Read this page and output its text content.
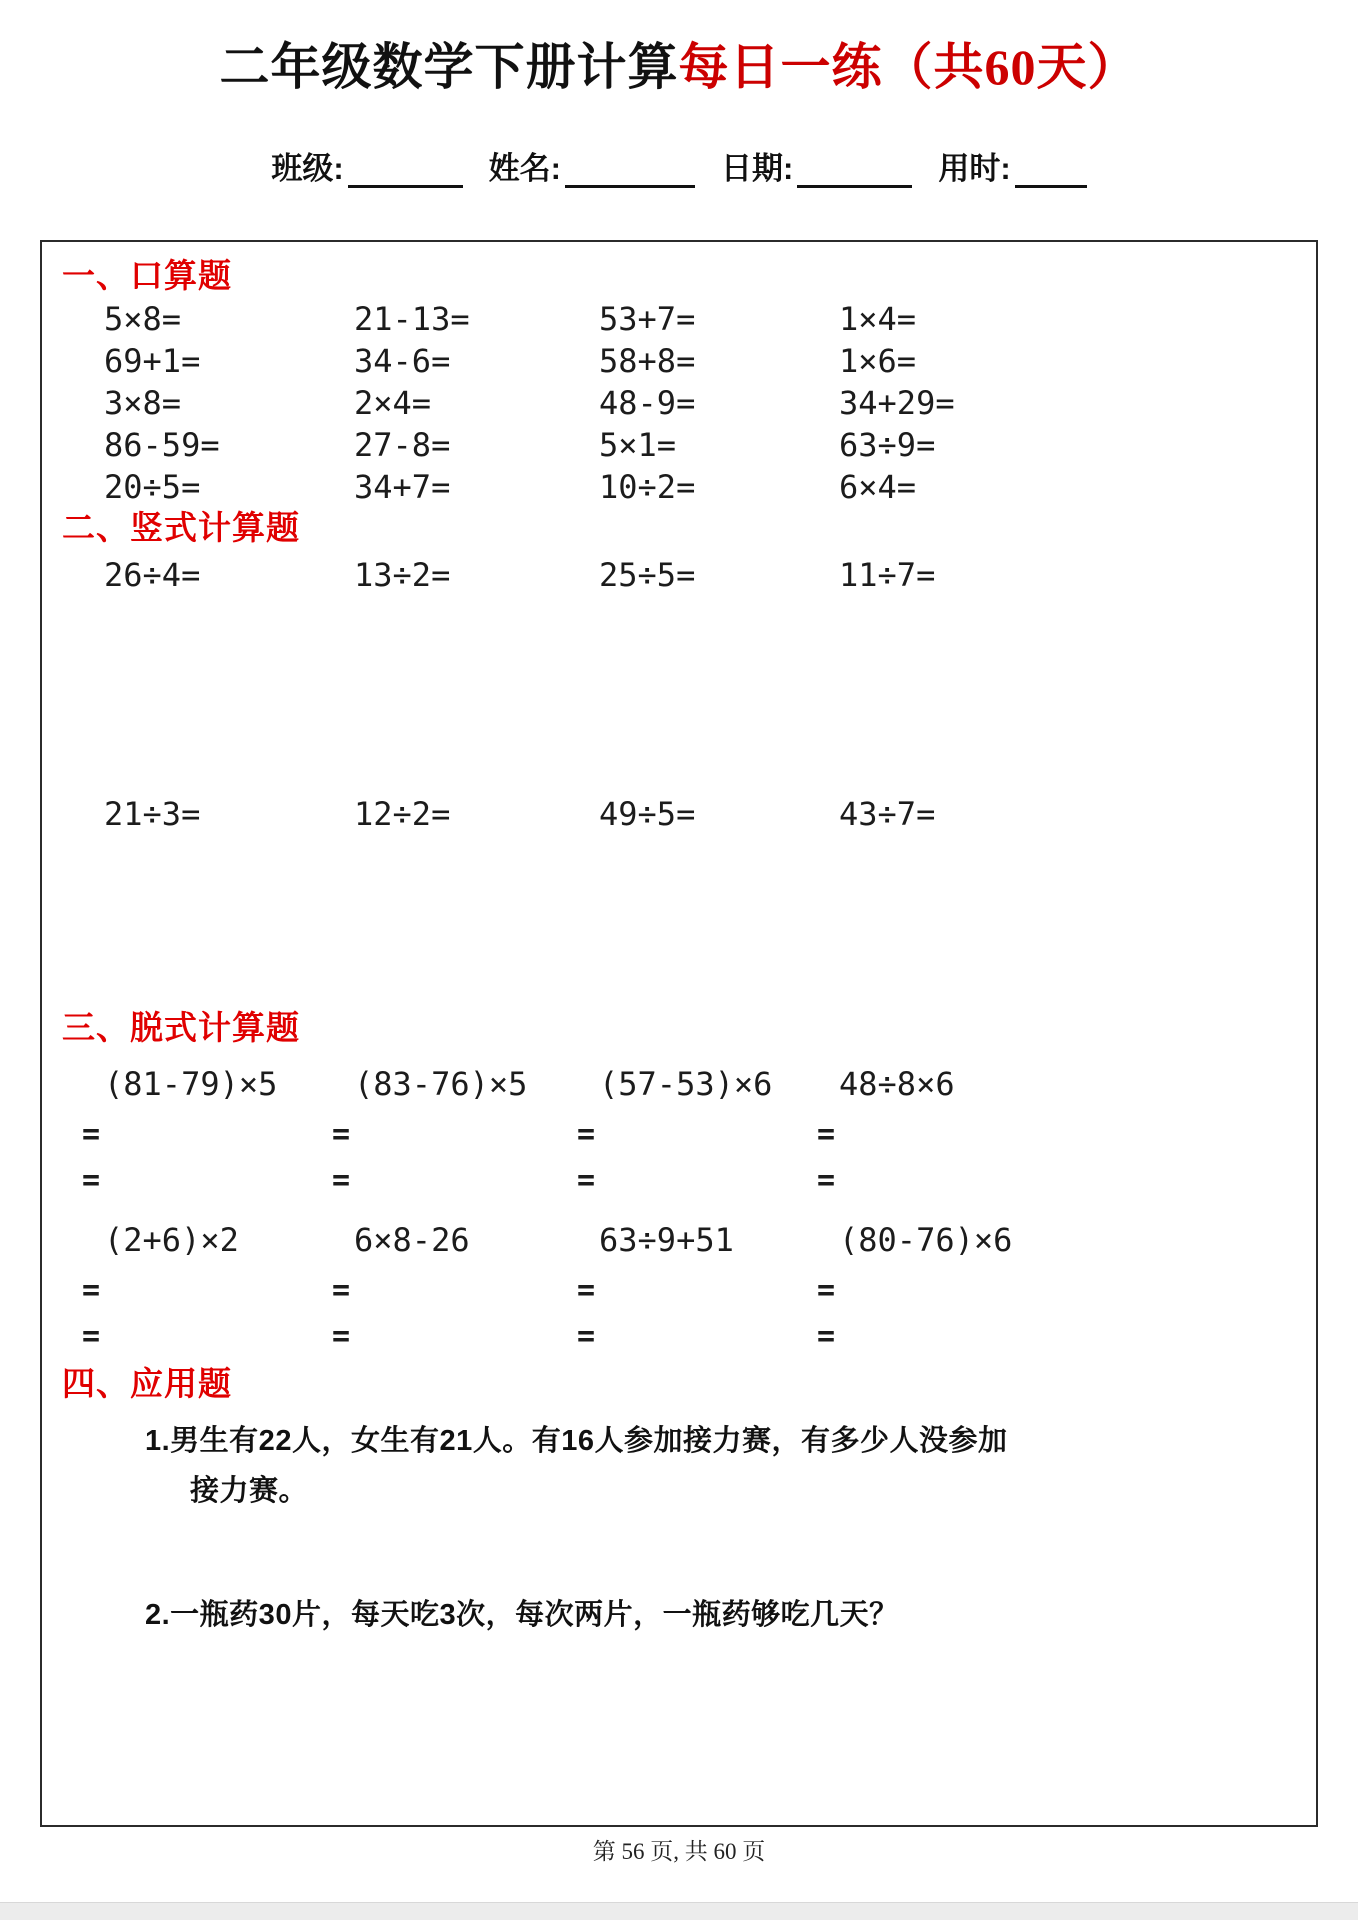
二年级数学下册计算每日一练（共60天）
班级:	姓名:	日期:	用时:
一、口算题
5×8=	21-13=	53+7=	1×4=
69+1=	34-6=	58+8=	1×6=
3×8=	2×4=	48-9=	34+29=
86-59=	27-8=	5×1=	63÷9=
20÷5=	34+7=	10÷2=	6×4=
二、竖式计算题
26÷4=	13÷2=	25÷5=	11÷7=
21÷3=	12÷2=	49÷5=	43÷7=
三、脱式计算题
(81-79)×5	(83-76)×5	(57-53)×6	48÷8×6
=	=	=	=
=	=	=	=
(2+6)×2	6×8-26	63÷9+51	(80-76)×6
=	=	=	=
=	=	=	=
四、应用题
1.男生有22人，女生有21人。有16人参加接力赛，有多少人没参加
接力赛。
2.一瓶药30片，每天吃3次，每次两片，一瓶药够吃几天？
第 56 页, 共 60 页
